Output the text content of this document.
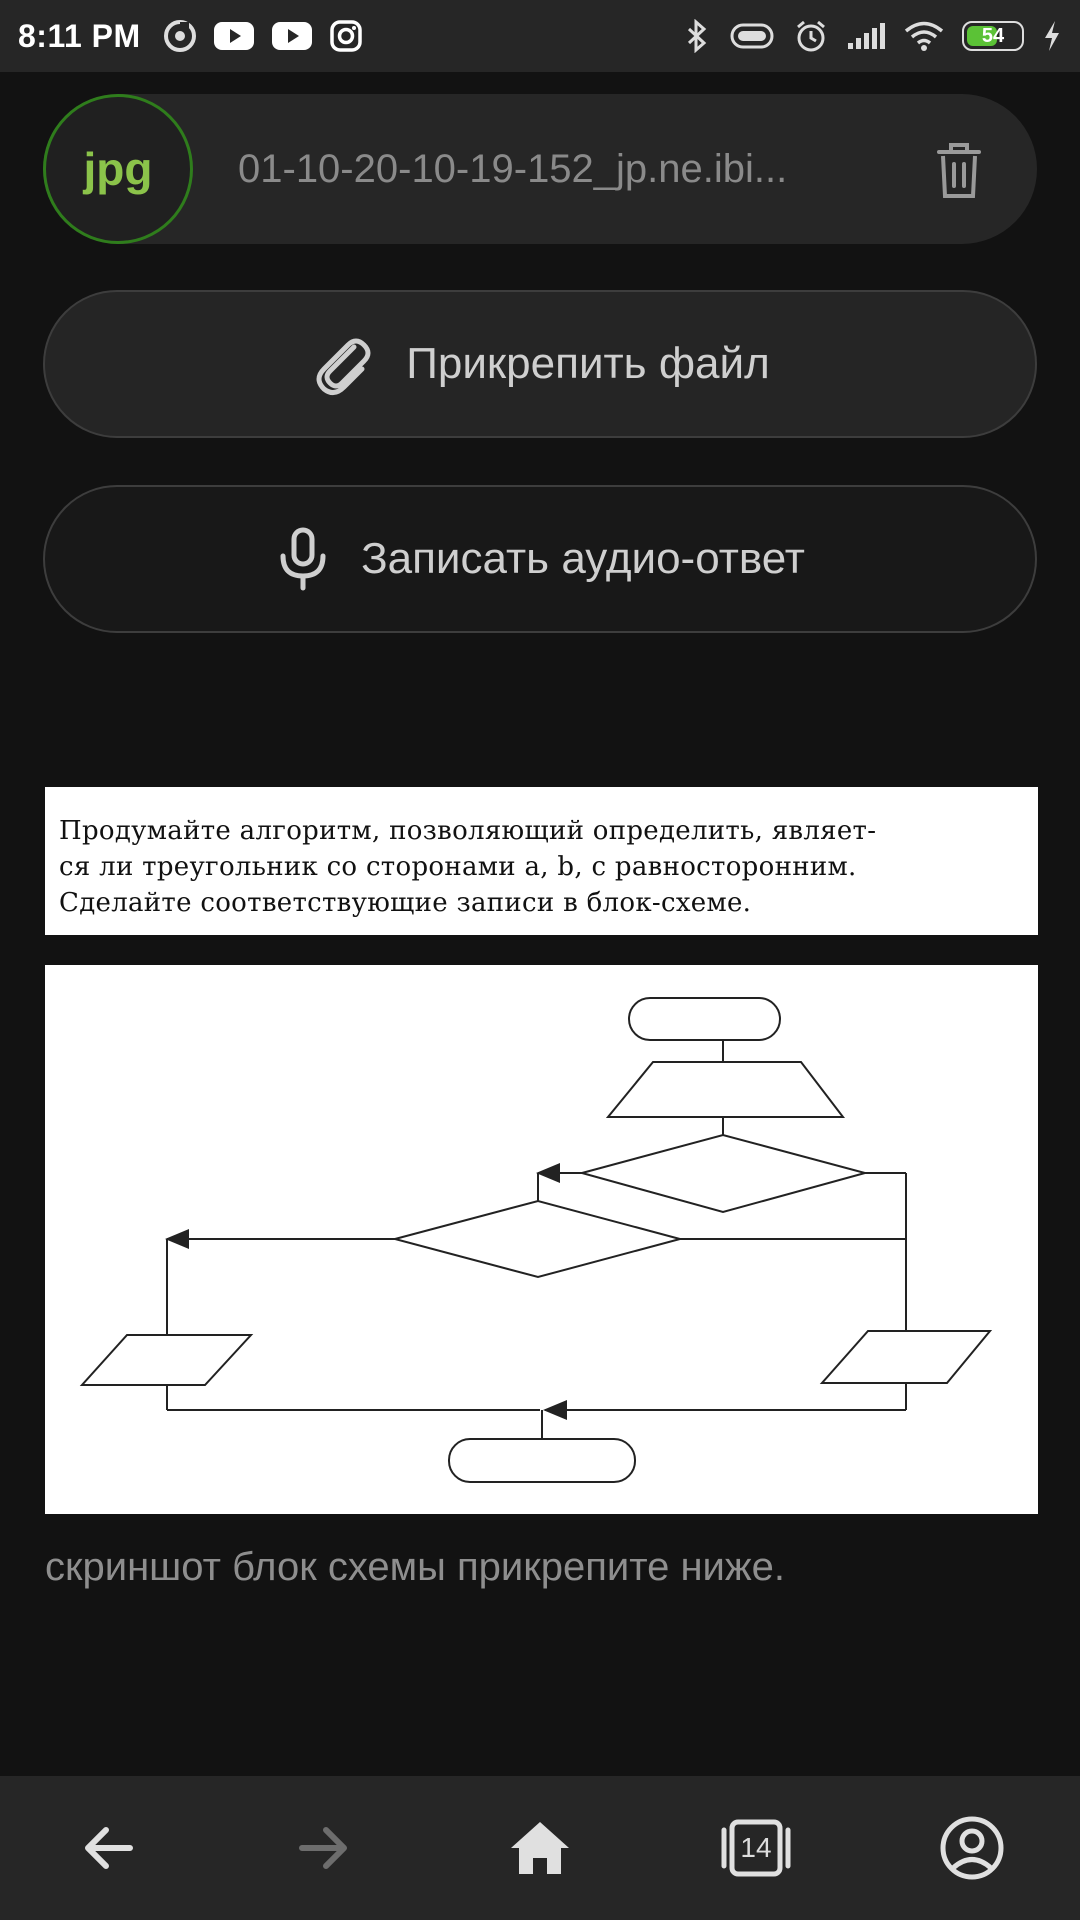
8:11 PM	54
jpg 01-10-20-10-19-152_jp.ne.ibi...
Прикрепить файл
Записать аудио-ответ

Продумайте алгоритм, позволяющий определить, являет-

ся ли треугольник со сторонами a, b, c равносторонним.

Сделайте соответствующие записи в блок-схеме.

скриншот блок схемы прикрепите ниже.
14
